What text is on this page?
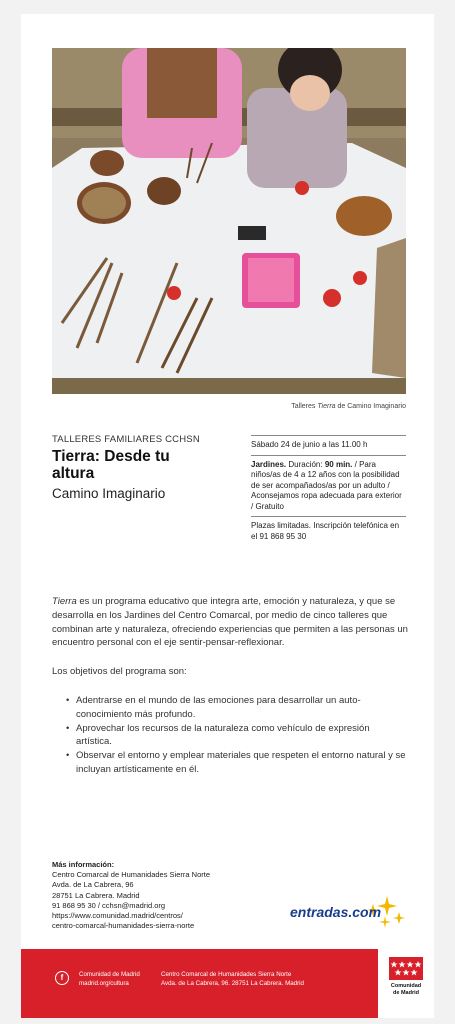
Talleres Tierra de Camino Imaginario
TALLERES FAMILIARES CCHSN
Tierra: Desde tu
altura
Camino Imaginario
Sábado 24 de junio a las 11.00 h
Jardines. Duración: 90 min. / Para niños/as de 4 a 12 años con la posibilidad de ser acompañados/as por un adulto / Aconsejamos ropa adecuada para exterior / Gratuito
Plazas limitadas. Inscripción telefónica en el 91 868 95 30

Tierra es un programa educativo que integra arte, emoción y naturaleza, y que se desarrolla en los Jardines del Centro Comarcal, por medio de cinco talleres que combinan arte y naturaleza, ofreciendo experiencias que permiten a las personas un encuentro personal con el eje sentir-pensar-reflexionar.

Los objetivos del programa son:

• Adentrarse en el mundo de las emociones para desarrollar un auto-conocimiento más profundo.
• Aprovechar los recursos de la naturaleza como vehículo de expresión artística.
• Observar el entorno y emplear materiales que respeten el entorno natural y se incluyan artísticamente en él.
Más información:
Centro Comarcal de Humanidades Sierra Norte
Avda. de La Cabrera, 96
28751 La Cabrera. Madrid
91 868 95 30 / cchsn@madrid.org
https://www.comunidad.madrid/centros/
centro-comarcal-humanidades-sierra-norte
entradas.com
f	Comunidad de Madrid
madrid.org/cultura
Centro Comarcal de Humanidades Sierra Norte
Avda. de La Cabrera, 96. 28751 La Cabrera. Madrid	Comunidad
de Madrid
